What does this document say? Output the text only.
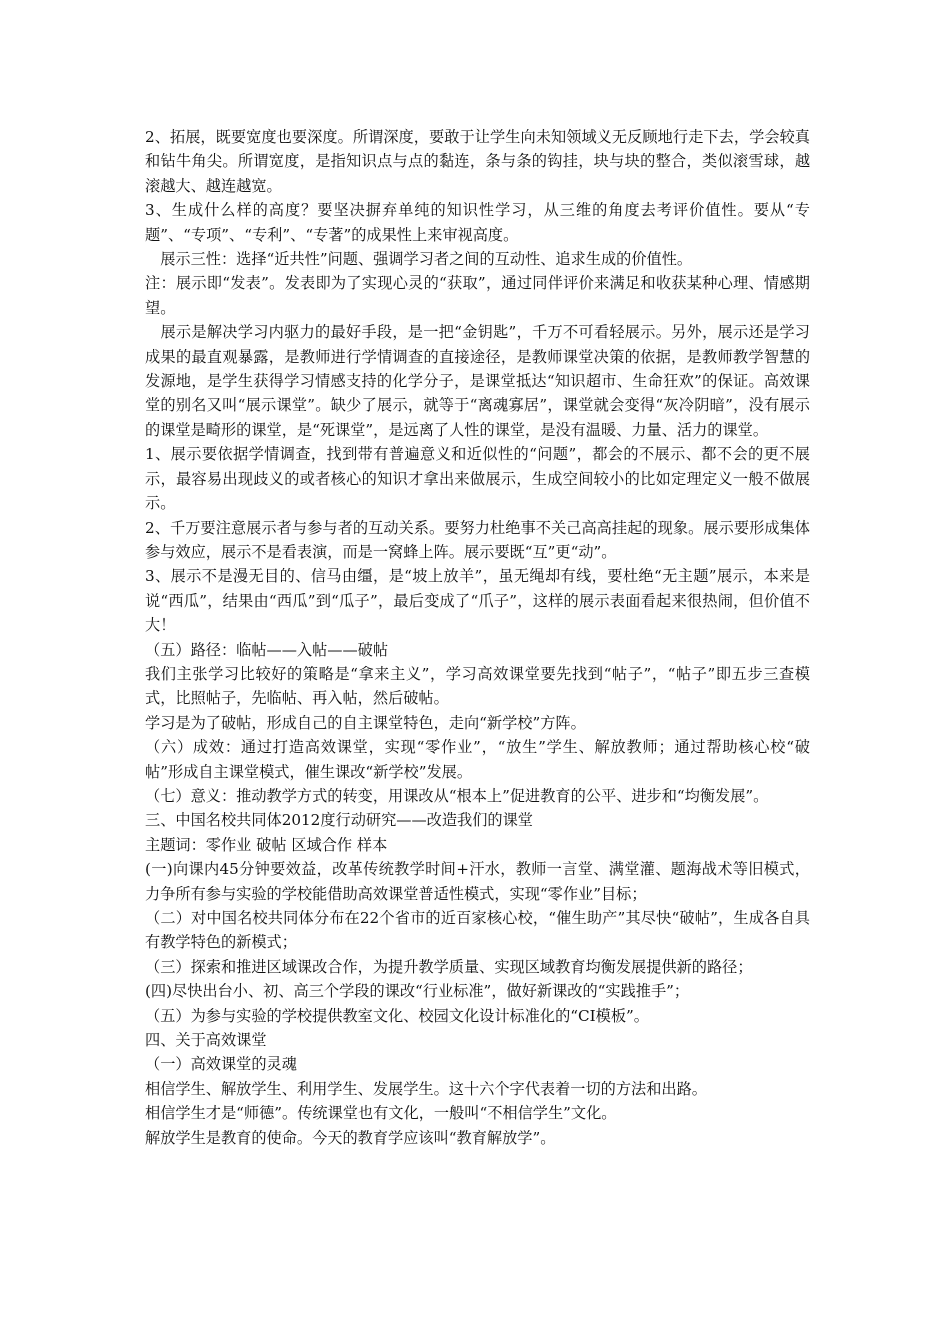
2、拓展，既要宽度也要深度。所谓深度，要敢于让学生向未知领域义无反顾地行走下去，学会较真和钻牛角尖。所谓宽度，是指知识点与点的黏连，条与条的钩挂，块与块的整合，类似滚雪球，越滚越大、越连越宽。

3、生成什么样的高度？要坚决摒弃单纯的知识性学习，从三维的角度去考评价值性。要从“专题”、“专项”、“专利”、“专著”的成果性上来审视高度。

　展示三性：选择“近共性”问题、强调学习者之间的互动性、追求生成的价值性。

注：展示即“发表”。发表即为了实现心灵的“获取”，通过同伴评价来满足和收获某种心理、情感期望。

　展示是解决学习内驱力的最好手段，是一把“金钥匙”，千万不可看轻展示。另外，展示还是学习成果的最直观暴露，是教师进行学情调查的直接途径，是教师课堂决策的依据，是教师教学智慧的发源地，是学生获得学习情感支持的化学分子，是课堂抵达“知识超市、生命狂欢”的保证。高效课堂的别名又叫“展示课堂”。缺少了展示，就等于“离魂寡居”，课堂就会变得“灰冷阴暗”，没有展示的课堂是畸形的课堂，是“死课堂”，是远离了人性的课堂，是没有温暖、力量、活力的课堂。

1、展示要依据学情调查，找到带有普遍意义和近似性的“问题”，都会的不展示、都不会的更不展示，最容易出现歧义的或者核心的知识才拿出来做展示，生成空间较小的比如定理定义一般不做展示。

2、千万要注意展示者与参与者的互动关系。要努力杜绝事不关己高高挂起的现象。展示要形成集体参与效应，展示不是看表演，而是一窝蜂上阵。展示要既“互”更“动”。

3、展示不是漫无目的、信马由缰，是“坡上放羊”，虽无绳却有线，要杜绝“无主题”展示，本来是说“西瓜”，结果由“西瓜”到“瓜子”，最后变成了“爪子”，这样的展示表面看起来很热闹，但价值不大！

（五）路径：临帖——入帖——破帖

我们主张学习比较好的策略是“拿来主义”，学习高效课堂要先找到“帖子”，“帖子”即五步三查模式，比照帖子，先临帖、再入帖，然后破帖。

学习是为了破帖，形成自己的自主课堂特色，走向“新学校”方阵。

（六）成效：通过打造高效课堂，实现“零作业”，“放生”学生、解放教师；通过帮助核心校“破帖”形成自主课堂模式，催生课改“新学校”发展。

（七）意义：推动教学方式的转变，用课改从“根本上”促进教育的公平、进步和“均衡发展”。

三、中国名校共同体2012度行动研究——改造我们的课堂

主题词：零作业 破帖 区域合作 样本

(一)向课内45分钟要效益，改革传统教学时间+汗水，教师一言堂、满堂灌、题海战术等旧模式，力争所有参与实验的学校能借助高效课堂普适性模式，实现“零作业”目标；

（二）对中国名校共同体分布在22个省市的近百家核心校，“催生助产”其尽快“破帖”，生成各自具有教学特色的新模式；

（三）探索和推进区域课改合作，为提升教学质量、实现区域教育均衡发展提供新的路径；

(四)尽快出台小、初、高三个学段的课改“行业标准”，做好新课改的“实践推手”；

（五）为参与实验的学校提供教室文化、校园文化设计标准化的“CI模板”。

四、关于高效课堂

（一）高效课堂的灵魂

相信学生、解放学生、利用学生、发展学生。这十六个字代表着一切的方法和出路。

相信学生才是“师德”。传统课堂也有文化，一般叫“不相信学生”文化。

解放学生是教育的使命。今天的教育学应该叫“教育解放学”。
